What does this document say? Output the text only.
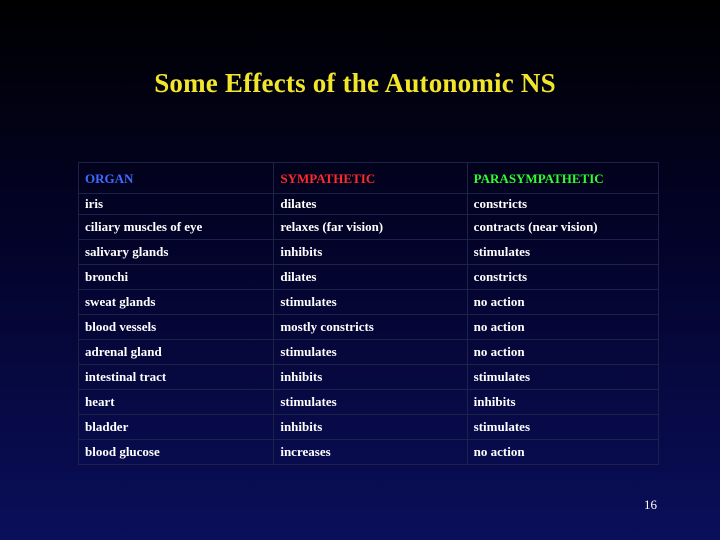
Some Effects of the Autonomic NS
ORGAN	SYMPATHETIC	PARASYMPATHETIC
iris	dilates	constricts
ciliary muscles of eye	relaxes (far vision)	contracts (near vision)
salivary glands	inhibits	stimulates
bronchi	dilates	constricts
sweat glands	stimulates	no action
blood vessels	mostly constricts	no action
adrenal gland	stimulates	no action
intestinal tract	inhibits	stimulates
heart	stimulates	inhibits
bladder	inhibits	stimulates
blood glucose	increases	no action
16
